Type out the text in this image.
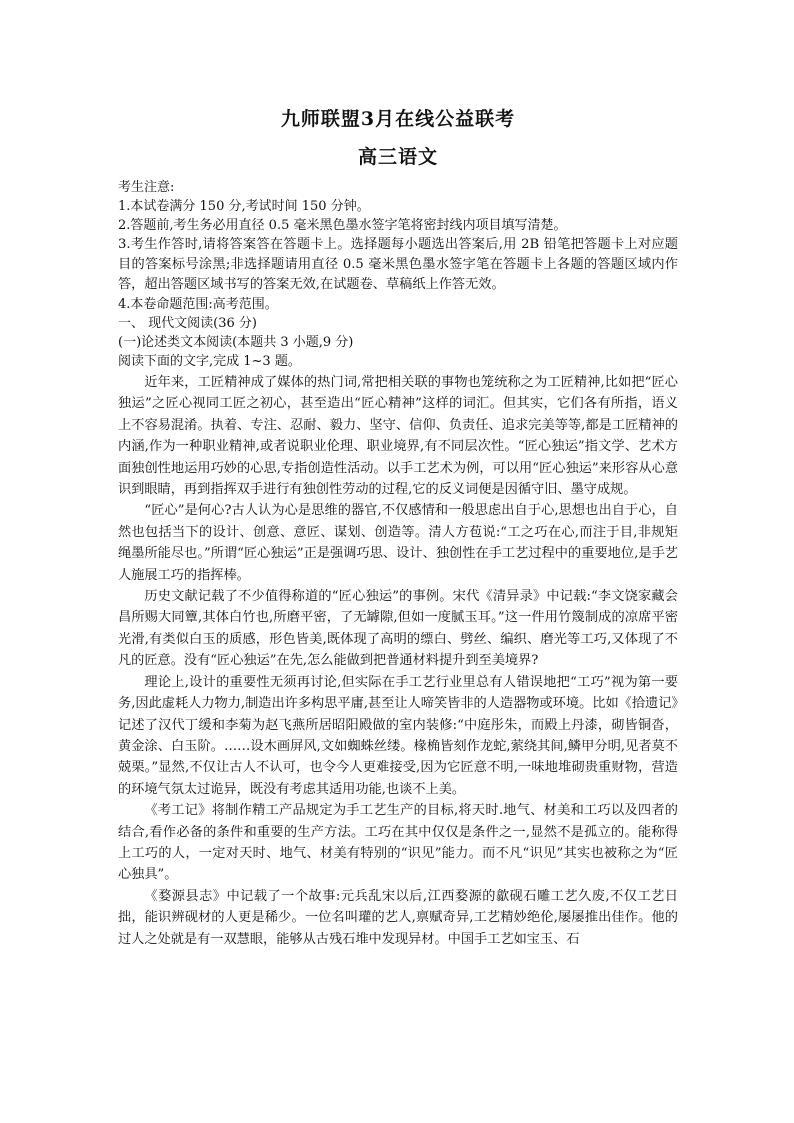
九师联盟3月在线公益联考
高三语文

考生注意:

1.本试卷满分 150 分,考试时间 150 分钟。

2.答题前,考生务必用直径 0.5 毫米黑色墨水签字笔将密封线内项目填写清楚。

3.考生作答时,请将答案答在答题卡上。选择题每小题选出答案后,用 2B 铅笔把答题卡上对应题目的答案标号涂黑;非选择题请用直径 0.5 毫米黑色墨水签字笔在答题卡上各题的答题区域内作答，超出答题区域书写的答案无效,在试题卷、草稿纸上作答无效。

4.本卷命题范围:高考范围。

一、 现代文阅读(36 分)

(一)论述类文本阅读(本题共 3 小题,9 分)

阅读下面的文字,完成 1~3 题。

近年来，工匠精神成了媒体的热门词,常把相关联的事物也笼统称之为工匠精神,比如把“匠心独运”之匠心视同工匠之初心，甚至造出“匠心精神”这样的词汇。但其实，它们各有所指，语义上不容易混淆。执着、专注、忍耐、毅力、坚守、信仰、负责任、追求完美等等,都是工匠精神的内涵,作为一种职业精神,或者说职业伦理、职业境界,有不同层次性。“匠心独运”指文学、艺术方面独创性地运用巧妙的心思,专指创造性活动。以手工艺术为例，可以用“匠心独运”来形容从心意识到眼睛，再到指挥双手进行有独创性劳动的过程,它的反义词便是因循守旧、墨守成规。

“匠心”是何心?古人认为心是思维的器官,不仅感情和一般思虑出自于心,思想也出自于心，自然也包括当下的设计、创意、意匠、谋划、创造等。清人方苞说:“工之巧在心,而注于目,非规矩绳墨所能尽也。”所谓“匠心独运”正是强调巧思、设计、独创性在手工艺过程中的重要地位,是手艺人施展工巧的指挥棒。

历史文献记载了不少值得称道的“匠心独运”的事例。宋代《清异录》中记载:“李文饶家藏会昌所赐大同簟,其体白竹也,所磨平密，了无罅隙,但如一度腻玉耳。”这一件用竹篾制成的凉席平密光滑,有类似白玉的质感，形色皆美,既体现了高明的缥白、劈丝、编织、磨光等工巧,又体现了不凡的匠意。没有“匠心独运”在先,怎么能做到把普通材料提升到至美境界?

理论上,设计的重要性无须再讨论,但实际在手工艺行业里总有人错误地把“工巧”视为第一要务,因此虚耗人力物力,制造出许多构思平庸,甚至让人啼笑皆非的人造器物或环境。比如《拾遗记》记述了汉代丁缓和李菊为赵飞燕所居昭阳殿做的室内装修:“中庭彤朱，而殿上丹漆，砌皆铜沓，黄金涂、白玉阶。……设木画屏风,文如蜘蛛丝缕。椽桷皆刻作龙蛇,萦绕其间,鳞甲分明,见者莫不兢栗。”显然,不仅让古人不认可，也令今人更难接受,因为它匠意不明,一味地堆砌贵重财物，营造的环境气氛太过诡异，既没有考虑其适用功能,也谈不上美。

《考工记》将制作精工产品规定为手工艺生产的目标,将天时.地气、材美和工巧以及四者的结合,看作必备的条件和重要的生产方法。工巧在其中仅仅是条件之一,显然不是孤立的。能称得上工巧的人，一定对天时、地气、材美有特别的“识见”能力。而不凡“识见”其实也被称之为“匠心独具”。

《婺源县志》中记载了一个故事:元兵乱宋以后,江西婺源的歙砚石雕工艺久废,不仅工艺日拙，能识辨砚材的人更是稀少。一位名叫瓘的艺人,禀赋奇异,工艺精妙绝伦,屡屡推出佳作。他的过人之处就是有一双慧眼，能够从古残石堆中发现异材。中国手工艺如宝玉、石
